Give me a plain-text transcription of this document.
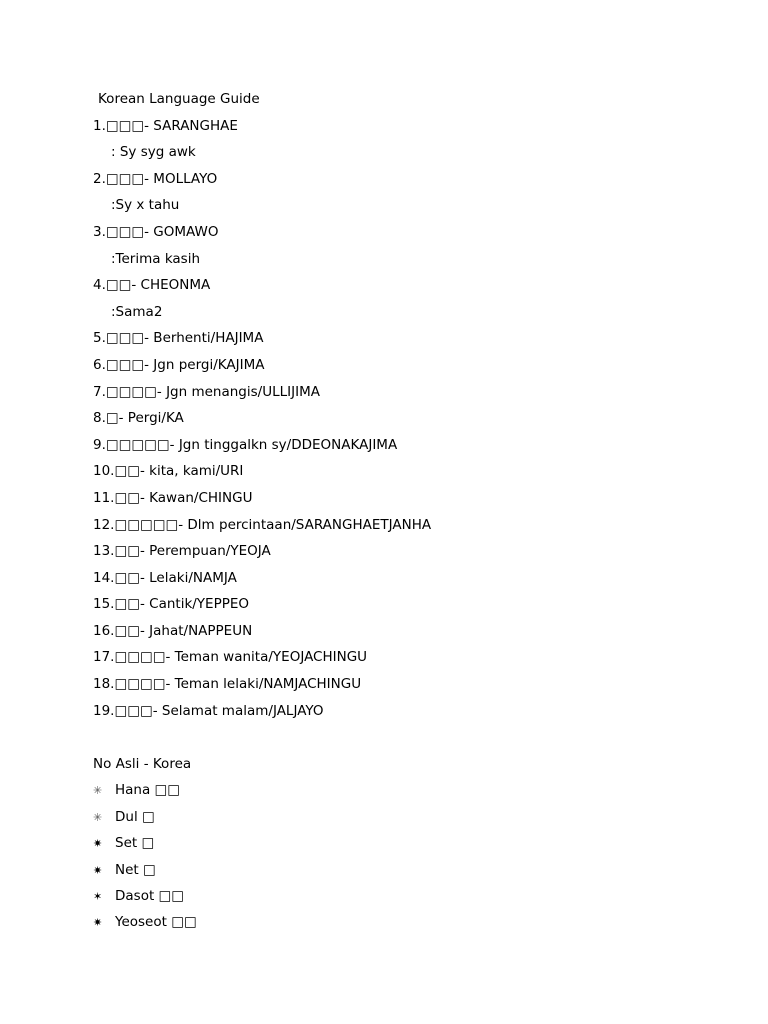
Korean Language Guide
1.□□□- SARANGHAE
: Sy syg awk
2.□□□- MOLLAYO
:Sy x tahu
3.□□□- GOMAWO
:Terima kasih
4.□□- CHEONMA
:Sama2
5.□□□- Berhenti/HAJIMA
6.□□□- Jgn pergi/KAJIMA
7.□□□□- Jgn menangis/ULLIJIMA
8.□- Pergi/KA
9.□□□□□- Jgn tinggalkn sy/DDEONAKAJIMA
10.□□- kita, kami/URI
11.□□- Kawan/CHINGU
12.□□□□□- Dlm percintaan/SARANGHAETJANHA
13.□□- Perempuan/YEOJA
14.□□- Lelaki/NAMJA
15.□□- Cantik/YEPPEO
16.□□- Jahat/NAPPEUN
17.□□□□- Teman wanita/YEOJACHINGU
18.□□□□- Teman lelaki/NAMJACHINGU
19.□□□- Selamat malam/JALJAYO
No Asli - Korea
✳ Hana □□
✳ Dul □
✷ Set □
✷ Net □
✶ Dasot □□
✷ Yeoseot □□
